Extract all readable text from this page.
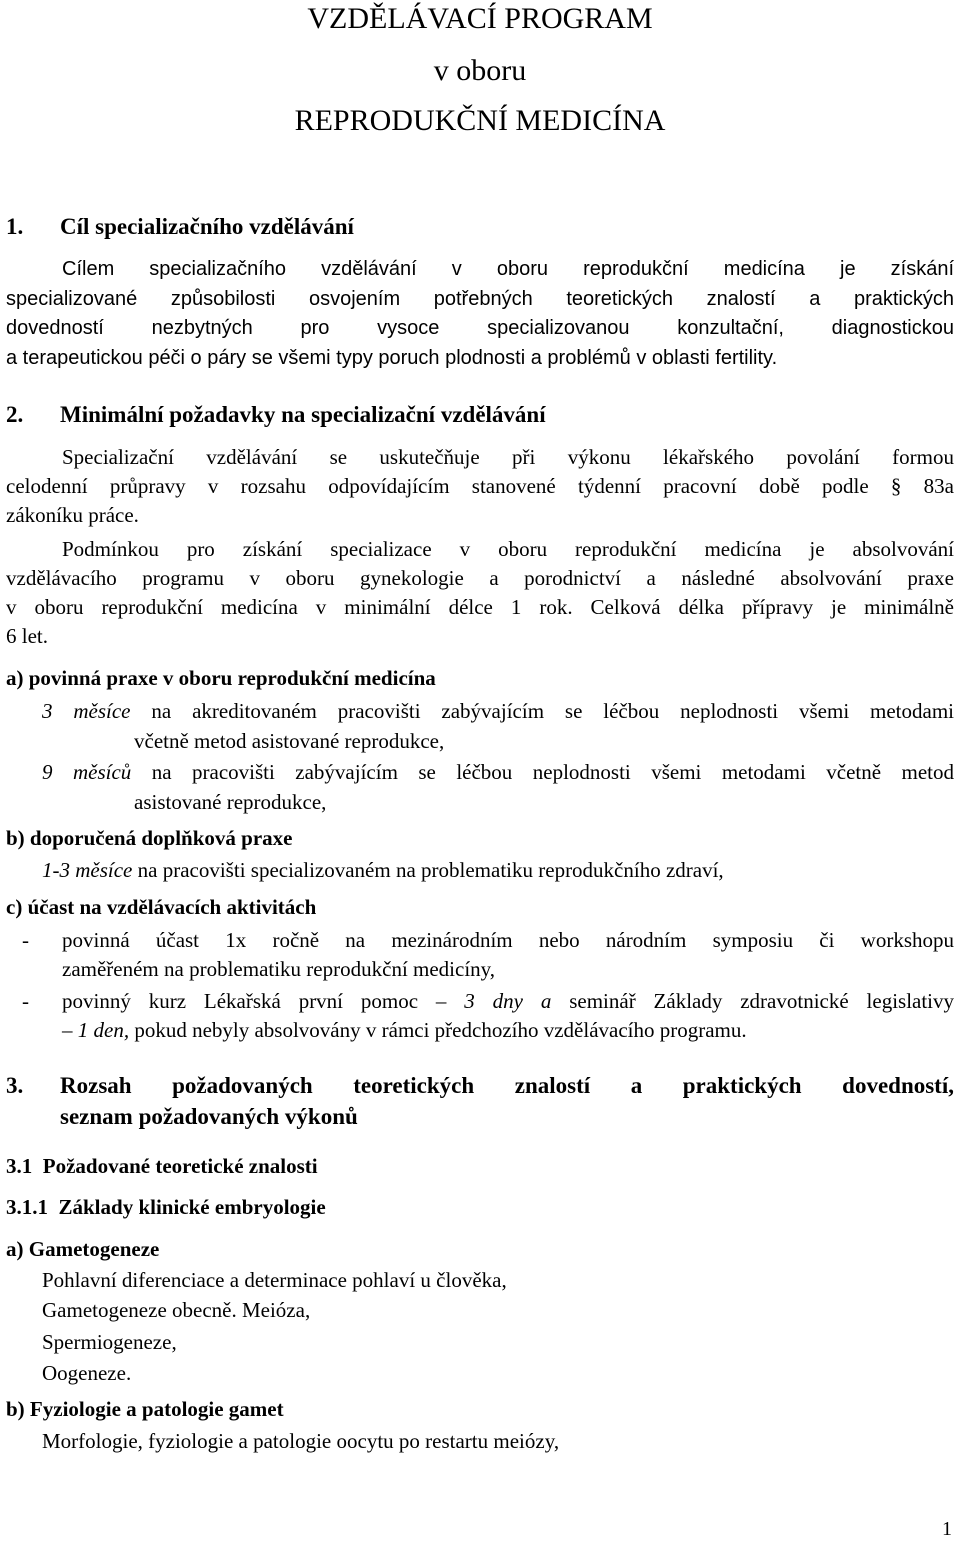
VZDĚLÁVACÍ PROGRAM
v oboru
REPRODUKČNÍ MEDICÍNA
1. Cíl specializačního vzdělávání
Cílem specializačního vzdělávání v oboru reprodukční medicína je získání
specializované způsobilosti osvojením potřebných teoretických znalostí a praktických
dovedností nezbytných pro vysoce specializovanou konzultační, diagnostickou
a terapeutickou péči o páry se všemi typy poruch plodnosti a problémů v oblasti fertility.
2. Minimální požadavky na specializační vzdělávání
Specializační vzdělávání se uskutečňuje při výkonu lékařského povolání formou
celodenní průpravy v rozsahu odpovídajícím stanovené týdenní pracovní době podle § 83a
zákoníku práce.
Podmínkou pro získání specializace v oboru reprodukční medicína je absolvování
vzdělávacího programu v oboru gynekologie a porodnictví a následné absolvování praxe
v oboru reprodukční medicína v minimální délce 1 rok. Celková délka přípravy je minimálně
6 let.
a) povinná praxe v oboru reprodukční medicína
3 měsíce na akreditovaném pracovišti zabývajícím se léčbou neplodnosti všemi metodami
včetně metod asistované reprodukce,
9 měsíců na pracovišti zabývajícím se léčbou neplodnosti všemi metodami včetně metod
asistované reprodukce,
b) doporučená doplňková praxe
1-3 měsíce na pracovišti specializovaném na problematiku reprodukčního zdraví,
c) účast na vzdělávacích aktivitách
- povinná účast 1x ročně na mezinárodním nebo národním symposiu či workshopu
zaměřeném na problematiku reprodukční medicíny,
- povinný kurz Lékařská první pomoc – 3 dny a seminář Základy zdravotnické legislativy
– 1 den, pokud nebyly absolvovány v rámci předchozího vzdělávacího programu.
3. Rozsah požadovaných teoretických znalostí a praktických dovedností,
seznam požadovaných výkonů
3.1  Požadované teoretické znalosti
3.1.1  Základy klinické embryologie
a) Gametogeneze
Pohlavní diferenciace a determinace pohlaví u člověka,
Gametogeneze obecně. Meióza,
Spermiogeneze,
Oogeneze.
b) Fyziologie a patologie gamet
Morfologie, fyziologie a patologie oocytu po restartu meiózy,
1
